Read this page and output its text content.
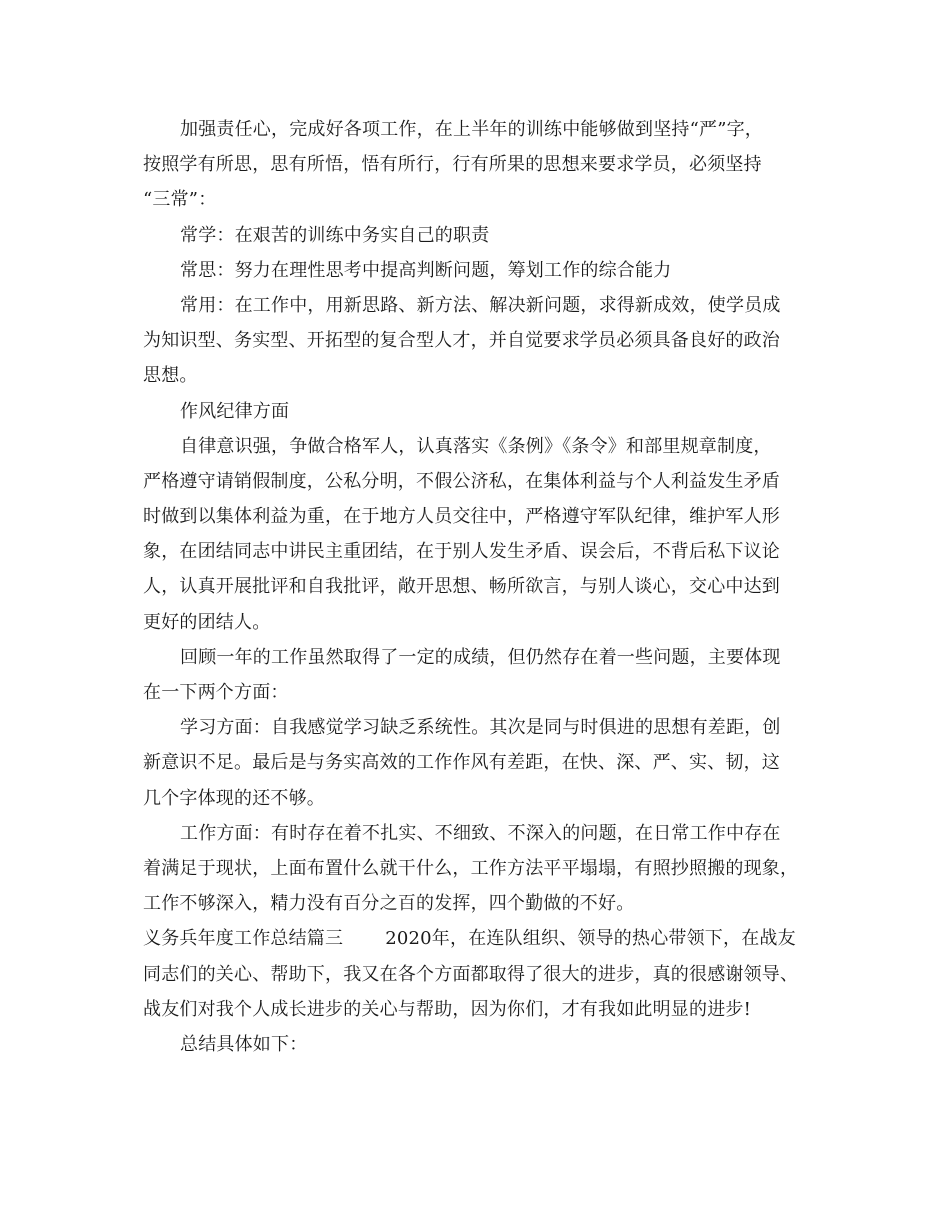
加强责任心，完成好各项工作，在上半年的训练中能够做到坚持“严”字，
按照学有所思，思有所悟，悟有所行，行有所果的思想来要求学员，必须坚持
“三常”：
常学：在艰苦的训练中务实自己的职责
常思：努力在理性思考中提高判断问题，筹划工作的综合能力
常用：在工作中，用新思路、新方法、解决新问题，求得新成效，使学员成
为知识型、务实型、开拓型的复合型人才，并自觉要求学员必须具备良好的政治
思想。
作风纪律方面
自律意识强，争做合格军人，认真落实《条例》《条令》和部里规章制度，
严格遵守请销假制度，公私分明，不假公济私，在集体利益与个人利益发生矛盾
时做到以集体利益为重，在于地方人员交往中，严格遵守军队纪律，维护军人形
象，在团结同志中讲民主重团结，在于别人发生矛盾、误会后，不背后私下议论
人，认真开展批评和自我批评，敞开思想、畅所欲言，与别人谈心，交心中达到
更好的团结人。
回顾一年的工作虽然取得了一定的成绩，但仍然存在着一些问题，主要体现
在一下两个方面：
学习方面：自我感觉学习缺乏系统性。其次是同与时俱进的思想有差距，创
新意识不足。最后是与务实高效的工作作风有差距，在快、深、严、实、韧，这
几个字体现的还不够。
工作方面：有时存在着不扎实、不细致、不深入的问题，在日常工作中存在
着满足于现状，上面布置什么就干什么，工作方法平平塌塌，有照抄照搬的现象，
工作不够深入，精力没有百分之百的发挥，四个勤做的不好。
义务兵年度工作总结篇三 2020年，在连队组织、领导的热心带领下，在战友
同志们的关心、帮助下，我又在各个方面都取得了很大的进步，真的很感谢领导、
战友们对我个人成长进步的关心与帮助，因为你们，才有我如此明显的进步!
总结具体如下：
